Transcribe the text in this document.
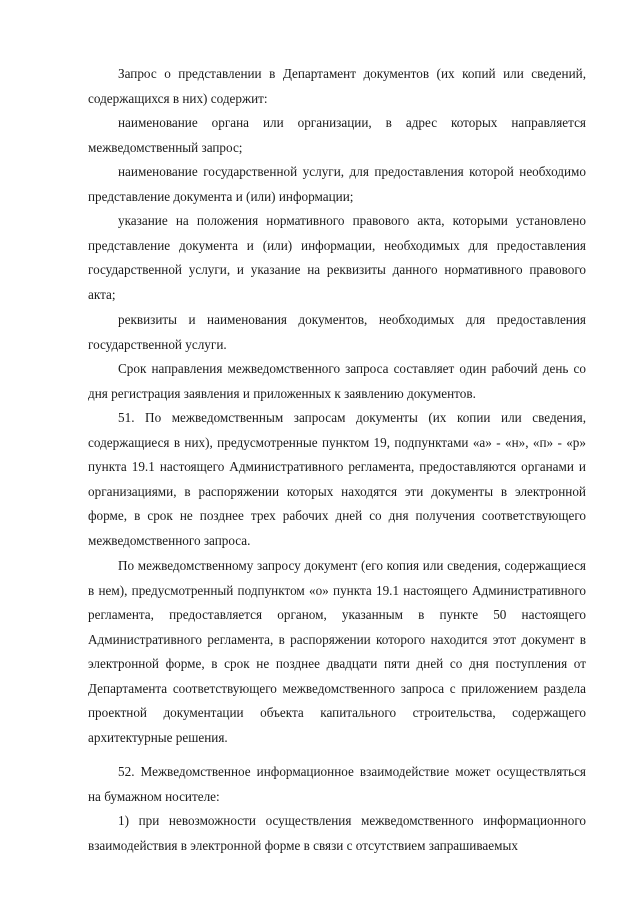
Запрос о представлении в Департамент документов (их копий или сведений, содержащихся в них) содержит:

наименование органа или организации, в адрес которых направляется межведомственный запрос;

наименование государственной услуги, для предоставления которой необходимо представление документа и (или) информации;

указание на положения нормативного правового акта, которыми установлено представление документа и (или) информации, необходимых для предоставления государственной услуги, и указание на реквизиты данного нормативного правового акта;

реквизиты и наименования документов, необходимых для предоставления государственной услуги.

Срок направления межведомственного запроса составляет один рабочий день со дня регистрация заявления и приложенных к заявлению документов.

51. По межведомственным запросам документы (их копии или сведения, содержащиеся в них), предусмотренные пунктом 19, подпунктами «а» - «н», «п» - «р» пункта 19.1 настоящего Административного регламента, предоставляются органами и организациями, в распоряжении которых находятся эти документы в электронной форме, в срок не позднее трех рабочих дней со дня получения соответствующего межведомственного запроса.

По межведомственному запросу документ (его копия или сведения, содержащиеся в нем), предусмотренный подпунктом «о» пункта 19.1 настоящего Административного регламента, предоставляется органом, указанным в пункте 50 настоящего Административного регламента, в распоряжении которого находится этот документ в электронной форме, в срок не позднее двадцати пяти дней со дня поступления от Департамента соответствующего межведомственного запроса с приложением раздела проектной документации объекта капитального строительства, содержащего архитектурные решения.

52. Межведомственное информационное взаимодействие может осуществляться на бумажном носителе:

1) при невозможности осуществления межведомственного информационного взаимодействия в электронной форме в связи с отсутствием запрашиваемых
